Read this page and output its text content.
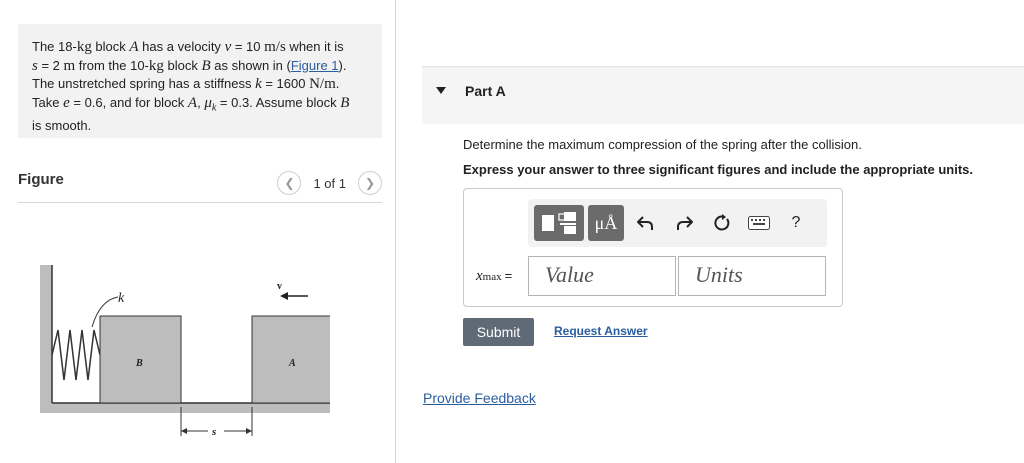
The 18-kg block A has a velocity v = 10 m/s when it is
s = 2 m from the 10-kg block B as shown in (Figure 1).
The unstretched spring has a stiffness k = 1600 N/m.
Take e = 0.6, and for block A, $\mu_k = 0.3$. Assume block B
is smooth.
Figure	❮ 1 of 1 ❯
k
B	A
v
s
Part A
Determine the maximum compression of the spring after the collision.
Express your answer to three significant figures and include the appropriate units.
μÅ	?
xmax =	Value	Units
Submit	Request Answer
Provide Feedback
